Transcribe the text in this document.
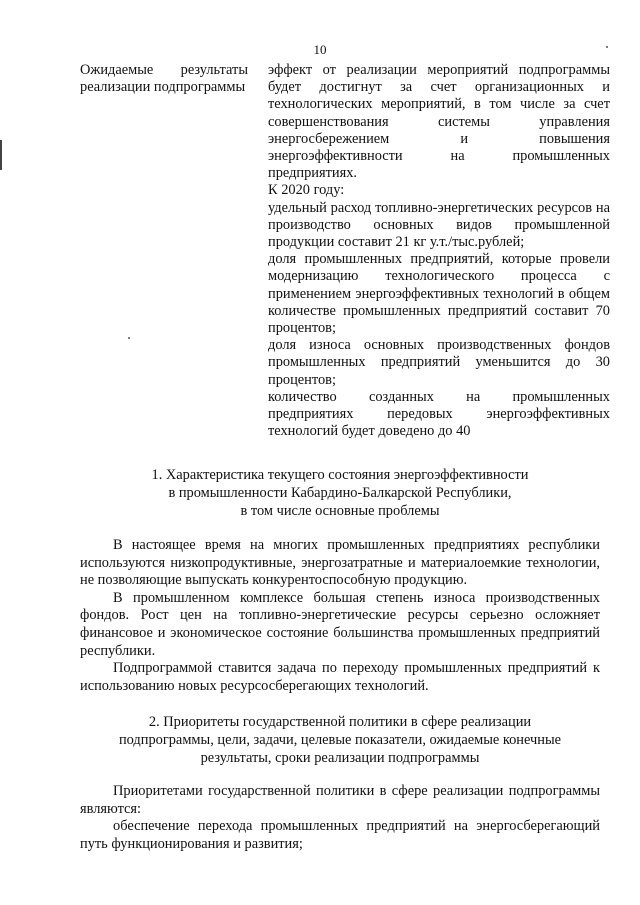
10
Ожидаемые результаты реализации подпрограммы

эффект от реализации мероприятий подпрограммы будет достигнут за счет организационных и технологических мероприятий, в том числе за счет совершенствования системы управления энергосбережением и повышения энергоэффективности на промышленных предприятиях.

К 2020 году:

удельный расход топливно-энергетических ресурсов на производство основных видов промышленной продукции составит 21 кг у.т./тыс.рублей;

доля промышленных предприятий, которые провели модернизацию технологического процесса с применением энергоэффективных технологий в общем количестве промышленных предприятий составит 70 процентов;

доля износа основных производственных фондов промышленных предприятий уменьшится до 30 процентов;

количество созданных на промышленных предприятиях передовых энергоэффективных технологий будет доведено до 40

1. Характеристика текущего состояния энергоэффективности
в промышленности Кабардино-Балкарской Республики,
в том числе основные проблемы

В настоящее время на многих промышленных предприятиях республики используются низкопродуктивные, энергозатратные и материалоемкие технологии, не позволяющие выпускать конкурентоспособную продукцию.

В промышленном комплексе большая степень износа производственных фондов. Рост цен на топливно-энергетические ресурсы серьезно осложняет финансовое и экономическое состояние большинства промышленных предприятий республики.

Подпрограммой ставится задача по переходу промышленных предприятий к использованию новых ресурсосберегающих технологий.

2. Приоритеты государственной политики в сфере реализации
подпрограммы, цели, задачи, целевые показатели, ожидаемые конечные
результаты, сроки реализации подпрограммы

Приоритетами государственной политики в сфере реализации подпрограммы являются:

обеспечение перехода промышленных предприятий на энергосберегающий путь функционирования и развития;
